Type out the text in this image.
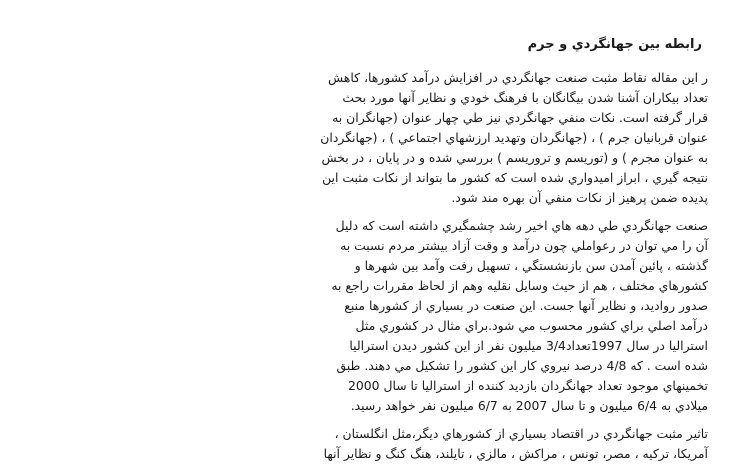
رابطه بين جهانگردي و جرم

ر اين مقاله نقاط مثبت صنعت جهانگردي در افزايش درآمد كشورها، كاهش
تعداد بيكاران آشنا شدن بيگانگان با فرهنگ خودي و نظاير آنها مورد بحث
قرار گرفته است. نكات منفي جهانگردي نيز طي چهار عنوان (جهانگران به
عنوان قربانيان جرم ) ، (جهانگردان وتهديد ارزشهاي اجتماعي ) ، (جهانگردان
به عنوان مجرم ) و (توريسم و تروريسم ) بررسي شده و در پايان ، در بخش
نتيجه گيري ، ابراز اميدواري شده است كه كشور ما بتواند از نكات مثبت اين
پديده ضمن پرهيز از نكات منفي آن بهره مند شود.

صنعت جهانگردي طي دهه هاي اخير رشد چشمگيري داشته است كه دليل
آن را مي توان در رعواملي چون درآمد و وقت آزاد بيشتر مردم نسبت به
گذشته ، پائين آمدن سن بازنشستگي ، تسهيل رفت وآمد بين شهرها و
كشورهاي مختلف ، هم از حيث وسايل نقليه وهم از لحاظ مقررات راجع به
صدور رواديد، و نظاير آنها جست. اين صنعت در بسياري از كشورها منبع
درآمد اصلي براي كشور محسوب مي شود.براي مثال در كشوري مثل
استراليا در سال 1997تعداد3/4 ميليون نفر از اين كشور ديدن استراليا
شده است . كه 4/8 درصد نيروي كار اين كشور را تشكيل مي دهند. طبق
تخمينهاي موجود تعداد جهانگردان بازديد كننده از استراليا تا سال 2000
ميلادي به 6/4 ميليون و تا سال 2007 به 6/7 ميليون نفر خواهد رسيد.

تاثير مثبت جهانگردي در اقتصاد بسياري از كشورهاي ديگر،مثل انگلستان ،
آمريكا، تركيه ، مصر، تونس ، مراكش ، مالزي ، تايلند، هنگ كنگ و نظاير آنها
